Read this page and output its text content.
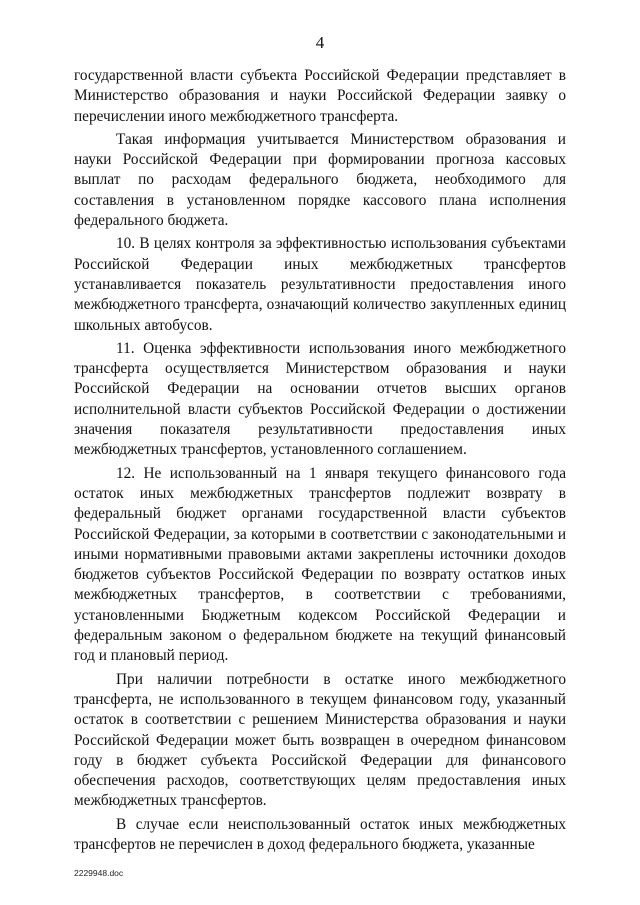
4

государственной власти субъекта Российской Федерации представляет в Министерство образования и науки Российской Федерации заявку о перечислении иного межбюджетного трансферта.

Такая информация учитывается Министерством образования и науки Российской Федерации при формировании прогноза кассовых выплат по расходам федерального бюджета, необходимого для составления в установленном порядке кассового плана исполнения федерального бюджета.

10. В целях контроля за эффективностью использования субъектами Российской Федерации иных межбюджетных трансфертов устанавливается показатель результативности предоставления иного межбюджетного трансферта, означающий количество закупленных единиц школьных автобусов.

11. Оценка эффективности использования иного межбюджетного трансферта осуществляется Министерством образования и науки Российской Федерации на основании отчетов высших органов исполнительной власти субъектов Российской Федерации о достижении значения показателя результативности предоставления иных межбюджетных трансфертов, установленного соглашением.

12. Не использованный на 1 января текущего финансового года остаток иных межбюджетных трансфертов подлежит возврату в федеральный бюджет органами государственной власти субъектов Российской Федерации, за которыми в соответствии с законодательными и иными нормативными правовыми актами закреплены источники доходов бюджетов субъектов Российской Федерации по возврату остатков иных межбюджетных трансфертов, в соответствии с требованиями, установленными Бюджетным кодексом Российской Федерации и федеральным законом о федеральном бюджете на текущий финансовый год и плановый период.

При наличии потребности в остатке иного межбюджетного трансферта, не использованного в текущем финансовом году, указанный остаток в соответствии с решением Министерства образования и науки Российской Федерации может быть возвращен в очередном финансовом году в бюджет субъекта Российской Федерации для финансового обеспечения расходов, соответствующих целям предоставления иных межбюджетных трансфертов.

В случае если неиспользованный остаток иных межбюджетных трансфертов не перечислен в доход федерального бюджета, указанные

2229948.doc
